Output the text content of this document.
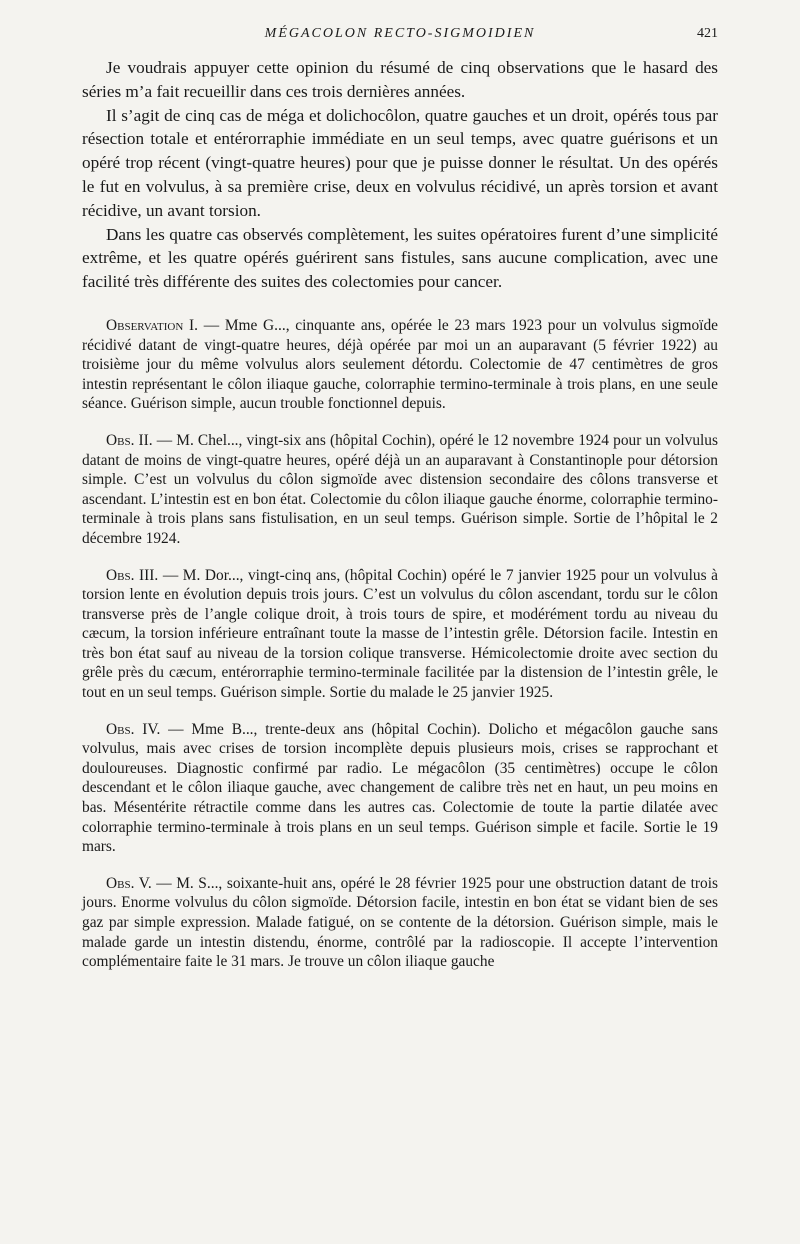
MÉGACOLON RECTO-SIGMOIDIEN	421

Je voudrais appuyer cette opinion du résumé de cinq observations que le hasard des séries m’a fait recueillir dans ces trois dernières années.

Il s’agit de cinq cas de méga et dolichocôlon, quatre gauches et un droit, opérés tous par résection totale et entérorraphie immédiate en un seul temps, avec quatre guérisons et un opéré trop récent (vingt-quatre heures) pour que je puisse donner le résultat. Un des opérés le fut en volvulus, à sa première crise, deux en volvulus récidivé, un après torsion et avant récidive, un avant torsion.

Dans les quatre cas observés complètement, les suites opératoires furent d’une simplicité extrême, et les quatre opérés guérirent sans fistules, sans aucune complication, avec une facilité très différente des suites des colectomies pour cancer.

Observation I. — Mme G..., cinquante ans, opérée le 23 mars 1923 pour un volvulus sigmoïde récidivé datant de vingt-quatre heures, déjà opérée par moi un an auparavant (5 février 1922) au troisième jour du même volvulus alors seulement détordu. Colectomie de 47 centimètres de gros intestin représentant le côlon iliaque gauche, colorraphie termino-terminale à trois plans, en une seule séance. Guérison simple, aucun trouble fonctionnel depuis.

Obs. II. — M. Chel..., vingt-six ans (hôpital Cochin), opéré le 12 novembre 1924 pour un volvulus datant de moins de vingt-quatre heures, opéré déjà un an auparavant à Constantinople pour détorsion simple. C’est un volvulus du côlon sigmoïde avec distension secondaire des côlons transverse et ascendant. L’intestin est en bon état. Colectomie du côlon iliaque gauche énorme, colorraphie termino-terminale à trois plans sans fistulisation, en un seul temps. Guérison simple. Sortie de l’hôpital le 2 décembre 1924.

Obs. III. — M. Dor..., vingt-cinq ans, (hôpital Cochin) opéré le 7 janvier 1925 pour un volvulus à torsion lente en évolution depuis trois jours. C’est un volvulus du côlon ascendant, tordu sur le côlon transverse près de l’angle colique droit, à trois tours de spire, et modérément tordu au niveau du cæcum, la torsion inférieure entraînant toute la masse de l’intestin grêle. Détorsion facile. Intestin en très bon état sauf au niveau de la torsion colique transverse. Hémicolectomie droite avec section du grêle près du cæcum, entérorraphie termino-terminale facilitée par la distension de l’intestin grêle, le tout en un seul temps. Guérison simple. Sortie du malade le 25 janvier 1925.

Obs. IV. — Mme B..., trente-deux ans (hôpital Cochin). Dolicho et mégacôlon gauche sans volvulus, mais avec crises de torsion incomplète depuis plusieurs mois, crises se rapprochant et douloureuses. Diagnostic confirmé par radio. Le mégacôlon (35 centimètres) occupe le côlon descendant et le côlon iliaque gauche, avec changement de calibre très net en haut, un peu moins en bas. Mésentérite rétractile comme dans les autres cas. Colectomie de toute la partie dilatée avec colorraphie termino-terminale à trois plans en un seul temps. Guérison simple et facile. Sortie le 19 mars.

Obs. V. — M. S..., soixante-huit ans, opéré le 28 février 1925 pour une obstruction datant de trois jours. Enorme volvulus du côlon sigmoïde. Détorsion facile, intestin en bon état se vidant bien de ses gaz par simple expression. Malade fatigué, on se contente de la détorsion. Guérison simple, mais le malade garde un intestin distendu, énorme, contrôlé par la radioscopie. Il accepte l’intervention complémentaire faite le 31 mars. Je trouve un côlon iliaque gauche
